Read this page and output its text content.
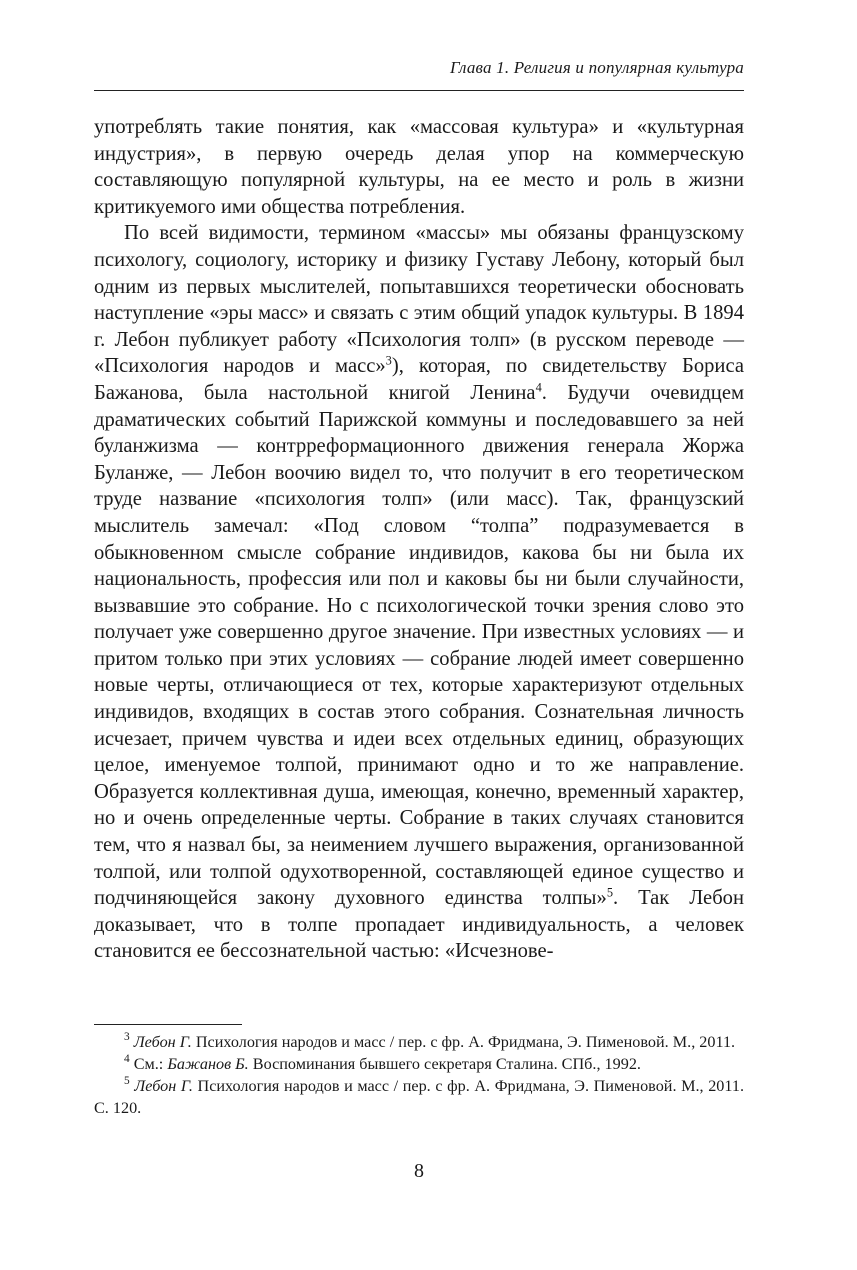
Глава 1. Религия и популярная культура

употреблять такие понятия, как «массовая культура» и «культурная индустрия», в первую очередь делая упор на коммерческую составляющую популярной культуры, на ее место и роль в жизни критикуемого ими общества потребления.

По всей видимости, термином «массы» мы обязаны французскому психологу, социологу, историку и физику Густаву Лебону, который был одним из первых мыслителей, попытавшихся теоретически обосновать наступление «эры масс» и связать с этим общий упадок культуры. В 1894 г. Лебон публикует работу «Психология толп» (в русском переводе — «Психология народов и масс»$^3$), которая, по свидетельству Бориса Бажанова, была настольной книгой Ленина$^4$. Будучи очевидцем драматических событий Парижской коммуны и последовавшего за ней буланжизма — контрреформационного движения генерала Жоржа Буланже, — Лебон воочию видел то, что получит в его теоретическом труде название «психология толп» (или масс). Так, французский мыслитель замечал: «Под словом “толпа” подразумевается в обыкновенном смысле собрание индивидов, какова бы ни была их национальность, профессия или пол и каковы бы ни были случайности, вызвавшие это собрание. Но с психологической точки зрения слово это получает уже совершенно другое значение. При известных условиях — и притом только при этих условиях — собрание людей имеет совершенно новые черты, отличающиеся от тех, которые характеризуют отдельных индивидов, входящих в состав этого собрания. Сознательная личность исчезает, причем чувства и идеи всех отдельных единиц, образующих целое, именуемое толпой, принимают одно и то же направление. Образуется коллективная душа, имеющая, конечно, временный характер, но и очень определенные черты. Собрание в таких случаях становится тем, что я назвал бы, за неимением лучшего выражения, организованной толпой, или толпой одухотворенной, составляющей единое существо и подчиняющейся закону духовного единства толпы»$^5$. Так Лебон доказывает, что в толпе пропадает индивидуальность, а человек становится ее бессознательной частью: «Исчезнове-

$^3$ Лебон Г. Психология народов и масс / пер. с фр. А. Фридмана, Э. Пименовой. М., 2011.

$^4$ См.: Бажанов Б. Воспоминания бывшего секретаря Сталина. СПб., 1992.

$^5$ Лебон Г. Психология народов и масс / пер. с фр. А. Фридмана, Э. Пименовой. М., 2011. С. 120.

8
